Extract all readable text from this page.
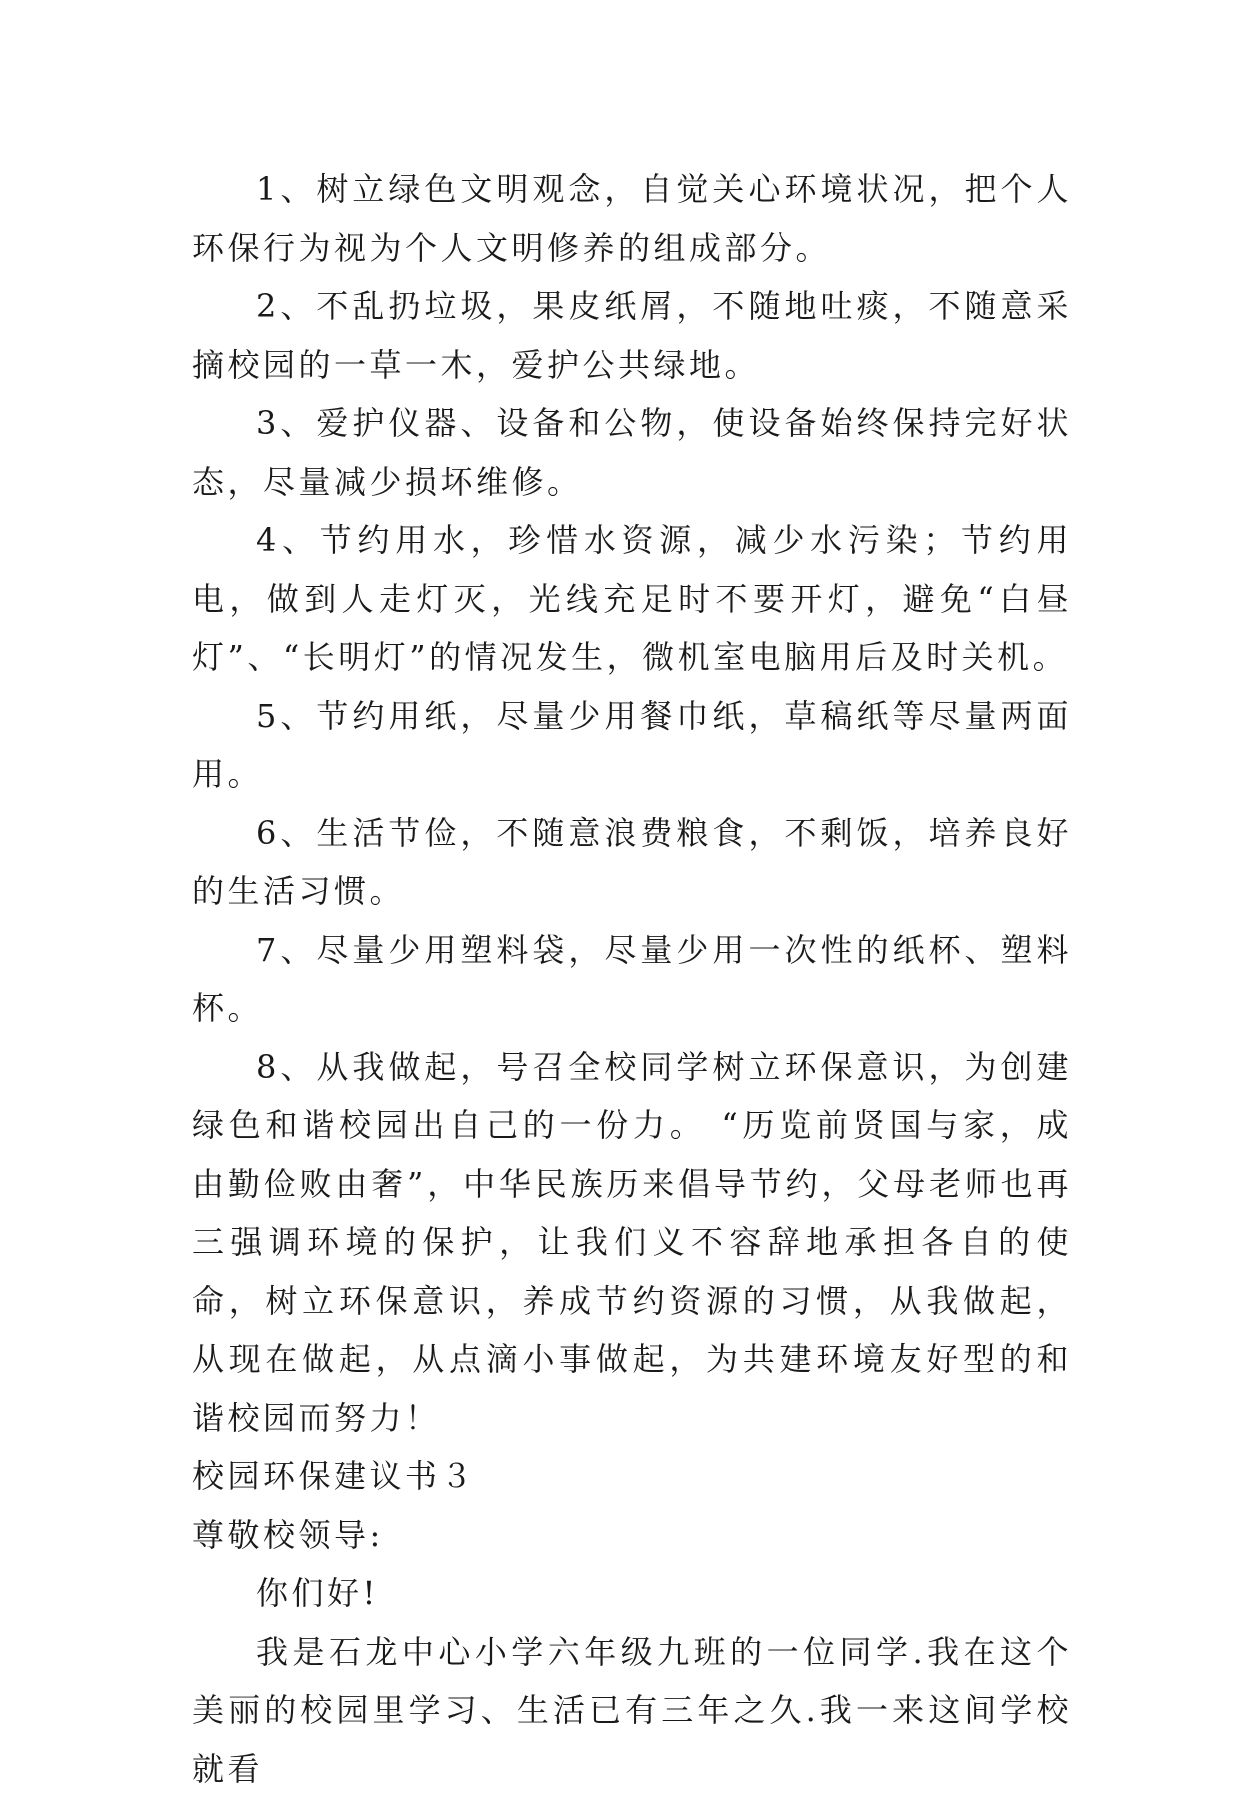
1、树立绿色文明观念，自觉关心环境状况，把个人环保行为视为个人文明修养的组成部分。

2、不乱扔垃圾，果皮纸屑，不随地吐痰，不随意采摘校园的一草一木，爱护公共绿地。

3、爱护仪器、设备和公物，使设备始终保持完好状态，尽量减少损坏维修。

4、节约用水，珍惜水资源，减少水污染；节约用电，做到人走灯灭，光线充足时不要开灯，避免“白昼灯”、“长明灯”的情况发生，微机室电脑用后及时关机。

5、节约用纸，尽量少用餐巾纸，草稿纸等尽量两面用。

6、生活节俭，不随意浪费粮食，不剩饭，培养良好的生活习惯。

7、尽量少用塑料袋，尽量少用一次性的纸杯、塑料杯。

8、从我做起，号召全校同学树立环保意识，为创建绿色和谐校园出自己的一份力。 “历览前贤国与家，成由勤俭败由奢”，中华民族历来倡导节约，父母老师也再三强调环境的保护，让我们义不容辞地承担各自的使命，树立环保意识，养成节约资源的习惯，从我做起，从现在做起，从点滴小事做起，为共建环境友好型的和谐校园而努力！

校园环保建议书３

尊敬校领导:

你们好!

我是石龙中心小学六年级九班的一位同学.我在这个美丽的校园里学习、生活已有三年之久.我一来这间学校就看
